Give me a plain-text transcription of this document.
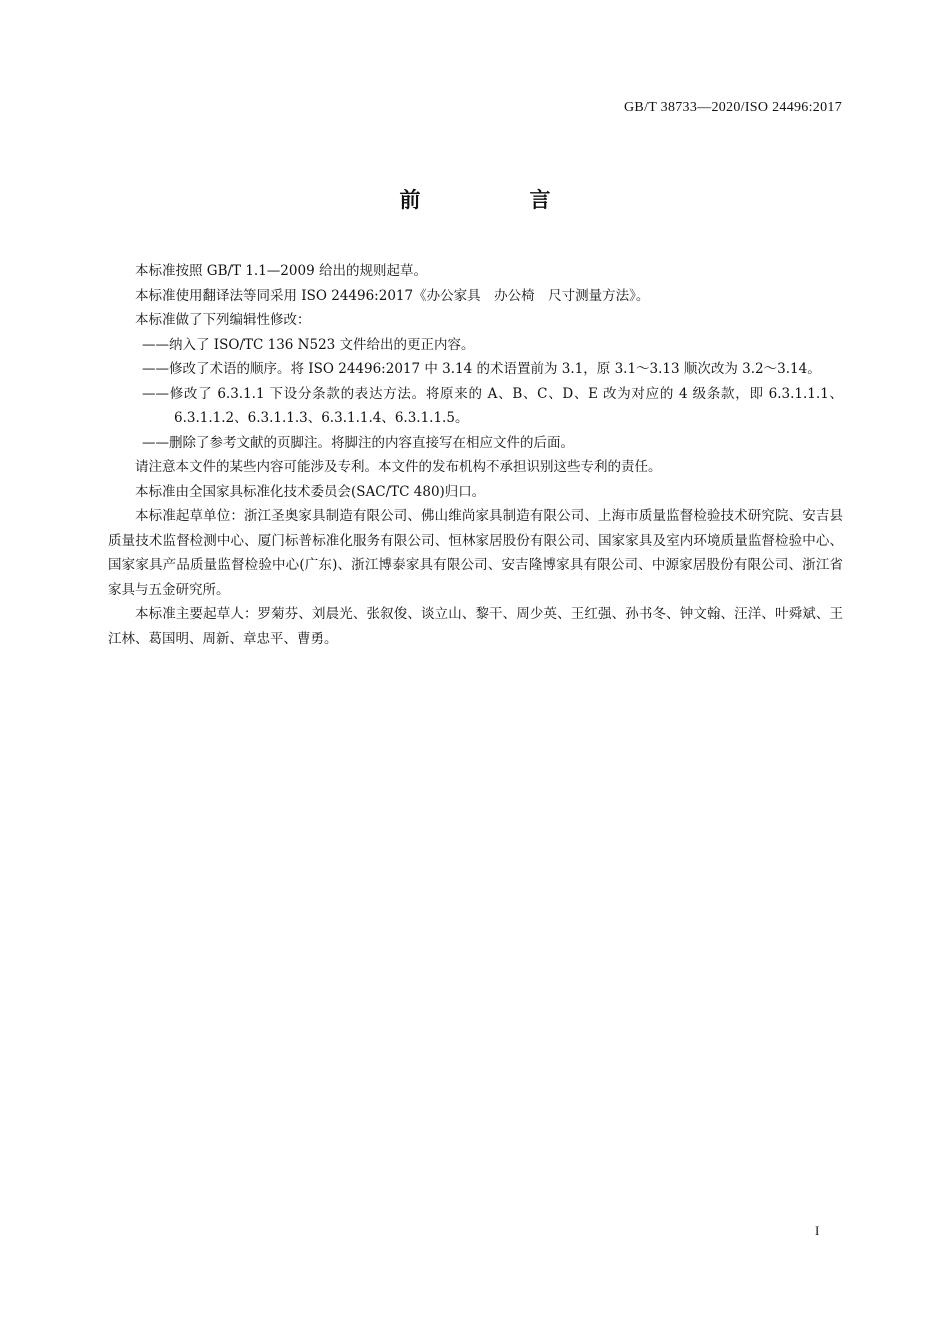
GB/T 38733—2020/ISO 24496:2017
前　言
本标准按照 GB/T 1.1—2009 给出的规则起草。
本标准使用翻译法等同采用 ISO 24496:2017《办公家具　办公椅　尺寸测量方法》。
本标准做了下列编辑性修改：
——纳入了 ISO/TC 136 N523 文件给出的更正内容。
——修改了术语的顺序。将 ISO 24496:2017 中 3.14 的术语置前为 3.1，原 3.1～3.13 顺次改为 3.2～3.14。
——修改了 6.3.1.1 下设分条款的表达方法。将原来的 A、B、C、D、E 改为对应的 4 级条款，即 6.3.1.1.1、6.3.1.1.2、6.3.1.1.3、6.3.1.1.4、6.3.1.1.5。
——删除了参考文献的页脚注。将脚注的内容直接写在相应文件的后面。
请注意本文件的某些内容可能涉及专利。本文件的发布机构不承担识别这些专利的责任。
本标准由全国家具标准化技术委员会(SAC/TC 480)归口。
本标准起草单位：浙江圣奥家具制造有限公司、佛山维尚家具制造有限公司、上海市质量监督检验技术研究院、安吉县质量技术监督检测中心、厦门标普标准化服务有限公司、恒林家居股份有限公司、国家家具及室内环境质量监督检验中心、国家家具产品质量监督检验中心(广东)、浙江博泰家具有限公司、安吉隆博家具有限公司、中源家居股份有限公司、浙江省家具与五金研究所。
本标准主要起草人：罗菊芬、刘晨光、张叙俊、谈立山、黎干、周少英、王红强、孙书冬、钟文翰、汪洋、叶舜斌、王江林、葛国明、周新、章忠平、曹勇。
I
